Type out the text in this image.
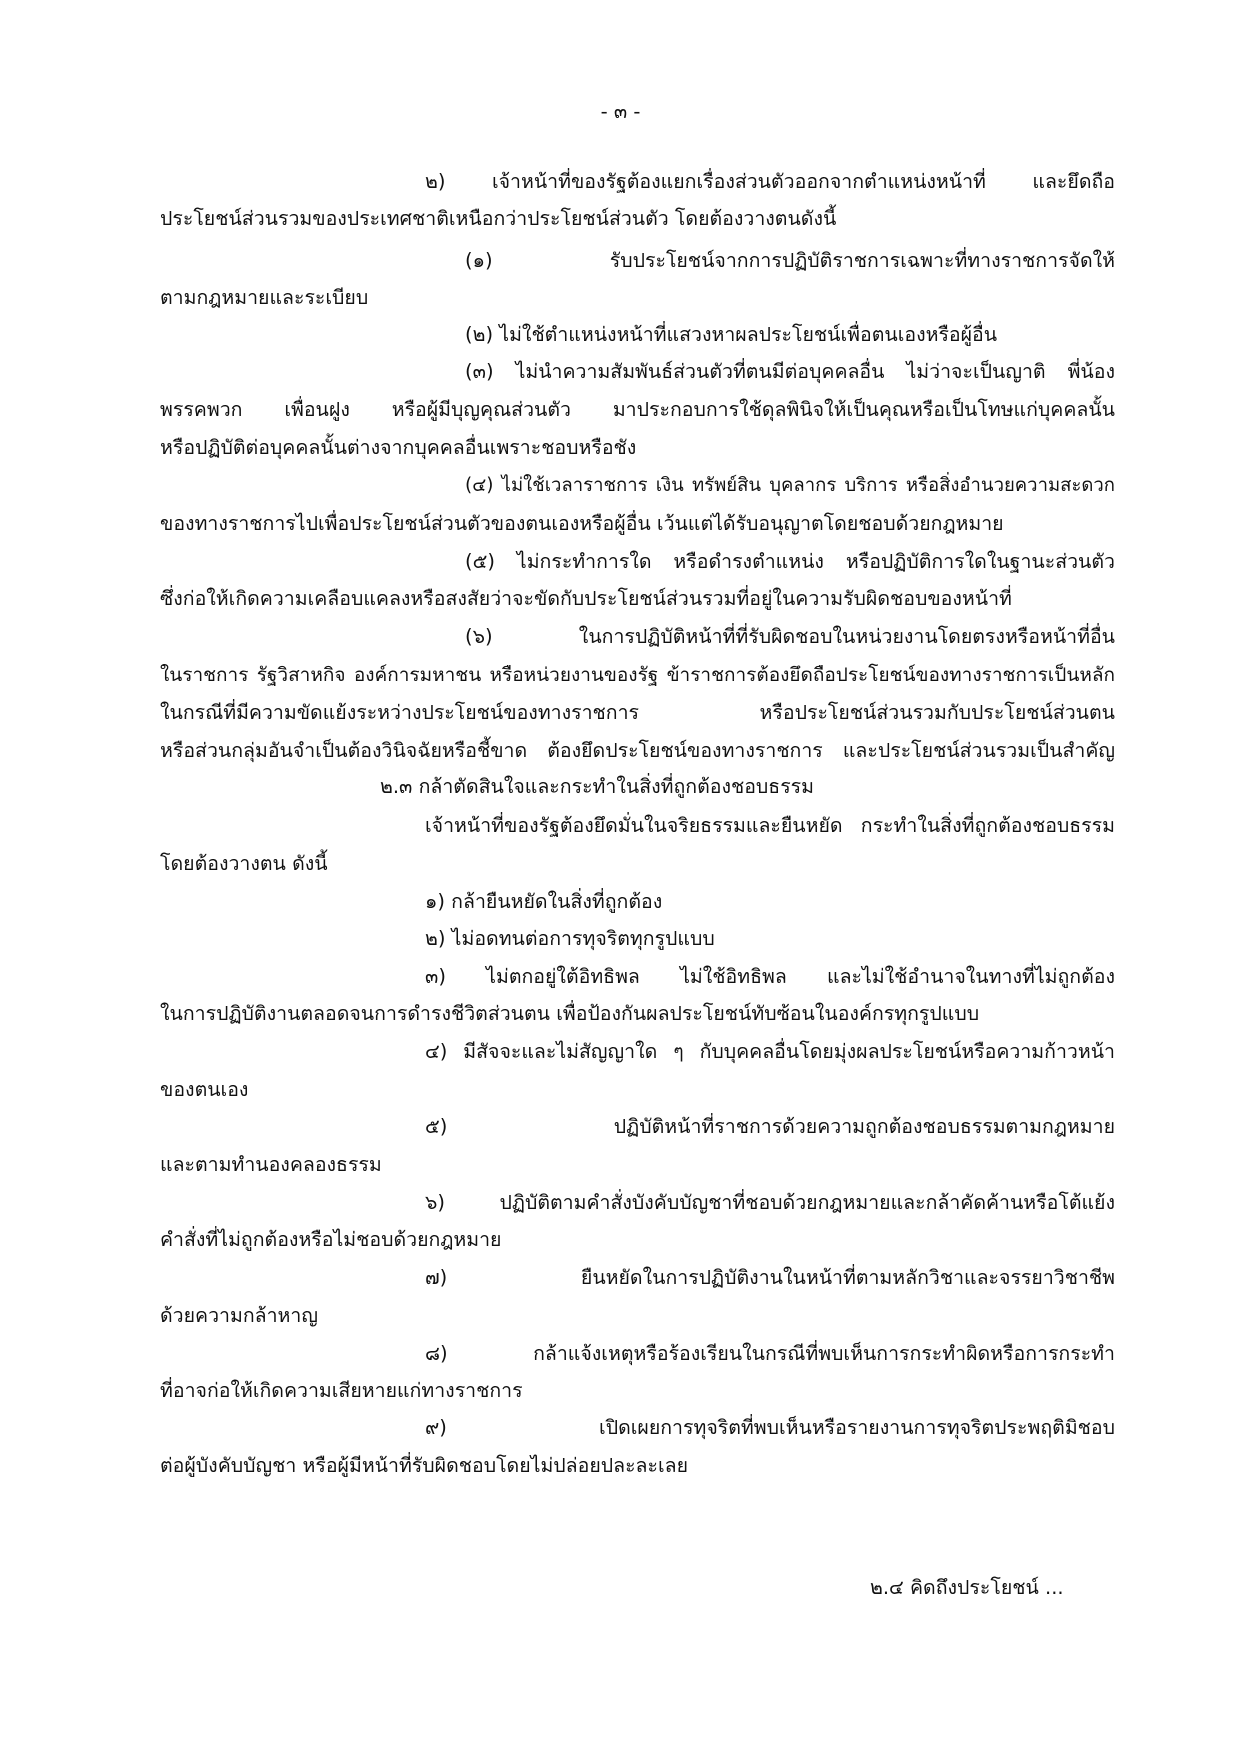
- ๓ -
๒) เจ้าหน้าที่ของรัฐต้องแยกเรื่องส่วนตัวออกจากตำแหน่งหน้าที่ และยึดถือ
ประโยชน์ส่วนรวมของประเทศชาติเหนือกว่าประโยชน์ส่วนตัว โดยต้องวางตนดังนี้
(๑) รับประโยชน์จากการปฏิบัติราชการเฉพาะที่ทางราชการจัดให้
ตามกฎหมายและระเบียบ
(๒) ไม่ใช้ตำแหน่งหน้าที่แสวงหาผลประโยชน์เพื่อตนเองหรือผู้อื่น
(๓) ไม่นำความสัมพันธ์ส่วนตัวที่ตนมีต่อบุคคลอื่น ไม่ว่าจะเป็นญาติ พี่น้อง
พรรคพวก เพื่อนฝูง หรือผู้มีบุญคุณส่วนตัว มาประกอบการใช้ดุลพินิจให้เป็นคุณหรือเป็นโทษแก่บุคคลนั้น
หรือปฏิบัติต่อบุคคลนั้นต่างจากบุคคลอื่นเพราะชอบหรือชัง
(๔) ไม่ใช้เวลาราชการ เงิน ทรัพย์สิน บุคลากร บริการ หรือสิ่งอำนวยความสะดวก
ของทางราชการไปเพื่อประโยชน์ส่วนตัวของตนเองหรือผู้อื่น เว้นแต่ได้รับอนุญาตโดยชอบด้วยกฎหมาย
(๕) ไม่กระทำการใด หรือดำรงตำแหน่ง หรือปฏิบัติการใดในฐานะส่วนตัว
ซึ่งก่อให้เกิดความเคลือบแคลงหรือสงสัยว่าจะขัดกับประโยชน์ส่วนรวมที่อยู่ในความรับผิดชอบของหน้าที่
(๖) ในการปฏิบัติหน้าที่ที่รับผิดชอบในหน่วยงานโดยตรงหรือหน้าที่อื่น
ในราชการ รัฐวิสาหกิจ องค์การมหาชน หรือหน่วยงานของรัฐ ข้าราชการต้องยึดถือประโยชน์ของทางราชการเป็นหลัก
ในกรณีที่มีความขัดแย้งระหว่างประโยชน์ของทางราชการ หรือประโยชน์ส่วนรวมกับประโยชน์ส่วนตน
หรือส่วนกลุ่มอันจำเป็นต้องวินิจฉัยหรือชี้ขาด ต้องยึดประโยชน์ของทางราชการ และประโยชน์ส่วนรวมเป็นสำคัญ
๒.๓ กล้าตัดสินใจและกระทำในสิ่งที่ถูกต้องชอบธรรม
เจ้าหน้าที่ของรัฐต้องยึดมั่นในจริยธรรมและยืนหยัด กระทำในสิ่งที่ถูกต้องชอบธรรม
โดยต้องวางตน ดังนี้
๑) กล้ายืนหยัดในสิ่งที่ถูกต้อง
๒) ไม่อดทนต่อการทุจริตทุกรูปแบบ
๓) ไม่ตกอยู่ใต้อิทธิพล ไม่ใช้อิทธิพล และไม่ใช้อำนาจในทางที่ไม่ถูกต้อง
ในการปฏิบัติงานตลอดจนการดำรงชีวิตส่วนตน เพื่อป้องกันผลประโยชน์ทับซ้อนในองค์กรทุกรูปแบบ
๔) มีสัจจะและไม่สัญญาใด ๆ กับบุคคลอื่นโดยมุ่งผลประโยชน์หรือความก้าวหน้า
ของตนเอง
๕) ปฏิบัติหน้าที่ราชการด้วยความถูกต้องชอบธรรมตามกฎหมาย
และตามทำนองคลองธรรม
๖) ปฏิบัติตามคำสั่งบังคับบัญชาที่ชอบด้วยกฎหมายและกล้าคัดค้านหรือโต้แย้ง
คำสั่งที่ไม่ถูกต้องหรือไม่ชอบด้วยกฎหมาย
๗) ยืนหยัดในการปฏิบัติงานในหน้าที่ตามหลักวิชาและจรรยาวิชาชีพ
ด้วยความกล้าหาญ
๘) กล้าแจ้งเหตุหรือร้องเรียนในกรณีที่พบเห็นการกระทำผิดหรือการกระทำ
ที่อาจก่อให้เกิดความเสียหายแก่ทางราชการ
๙) เปิดเผยการทุจริตที่พบเห็นหรือรายงานการทุจริตประพฤติมิชอบ
ต่อผู้บังคับบัญชา หรือผู้มีหน้าที่รับผิดชอบโดยไม่ปล่อยปละละเลย
๒.๔ คิดถึงประโยชน์ ...
